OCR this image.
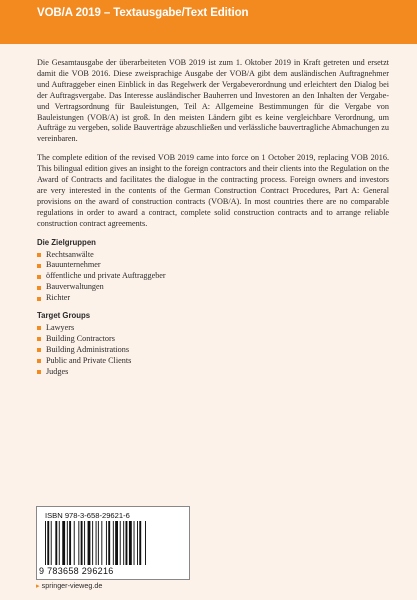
VOB/A 2019 – Textausgabe/Text Edition

Die Gesamtausgabe der überarbeiteten VOB 2019 ist zum 1. Oktober 2019 in Kraft getreten und ersetzt damit die VOB 2016. Diese zweisprachige Ausgabe der VOB/A gibt dem ausländischen Auftragnehmer und Auftraggeber einen Einblick in das Regelwerk der Vergabeverordnung und erleichtert den Dialog bei der Auftragsvergabe. Das Interesse ausländischer Bauherren und Investoren an den Inhalten der Vergabe- und Vertragsordnung für Bauleistungen, Teil A: Allgemeine Bestimmungen für die Vergabe von Bauleistungen (VOB/A) ist groß. In den meisten Ländern gibt es keine vergleichbare Verordnung, um Aufträge zu vergeben, solide Bauverträge abzuschließen und verlässliche bauvertragliche Abmachungen zu vereinbaren.

The complete edition of the revised VOB 2019 came into force on 1 October 2019, replacing VOB 2016. This bilingual edition gives an insight to the foreign contractors and their clients into the Regulation on the Award of Contracts and facilitates the dialogue in the contracting process. Foreign owners and investors are very interested in the contents of the German Construction Contract Procedures, Part A: General provisions on the award of construction contracts (VOB/A). In most countries there are no comparable regulations in order to award a contract, complete solid construction contracts and to arrange reliable construction contract agreements.

Die Zielgruppen
Rechtsanwälte
Bauunternehmer
öffentliche und private Auftraggeber
Bauverwaltungen
Richter
Target Groups
Lawyers
Building Contractors
Building Administrations
Public and Private Clients
Judges
ISBN 978-3-658-29621-6
9 783658 296216
▸ springer-vieweg.de
